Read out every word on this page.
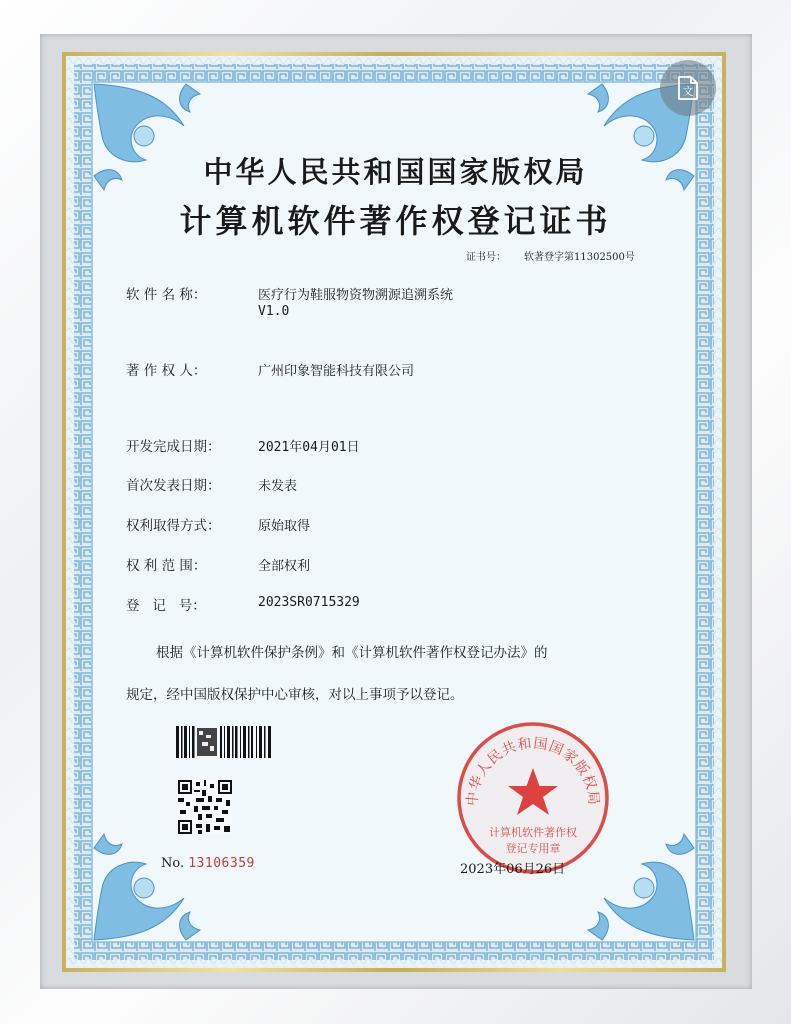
中华人民共和国国家版权局
计算机软件著作权登记证书
证书号： 软著登字第11302500号
软 件 名 称：	医疗行为鞋服物资物溯源追溯系统
V1.0
著 作 权 人：	广州印象智能科技有限公司
开发完成日期：	2021年04月01日
首次发表日期：	未发表
权利取得方式：	原始取得
权 利 范 围：	全部权利
登   记   号：	2023SR0715329
根据《计算机软件保护条例》和《计算机软件著作权登记办法》的
规定，经中国版权保护中心审核，对以上事项予以登记。
No. 13106359
中华人民共和国国家版权局
计算机软件著作权
登记专用章
2023年06月26日
文
